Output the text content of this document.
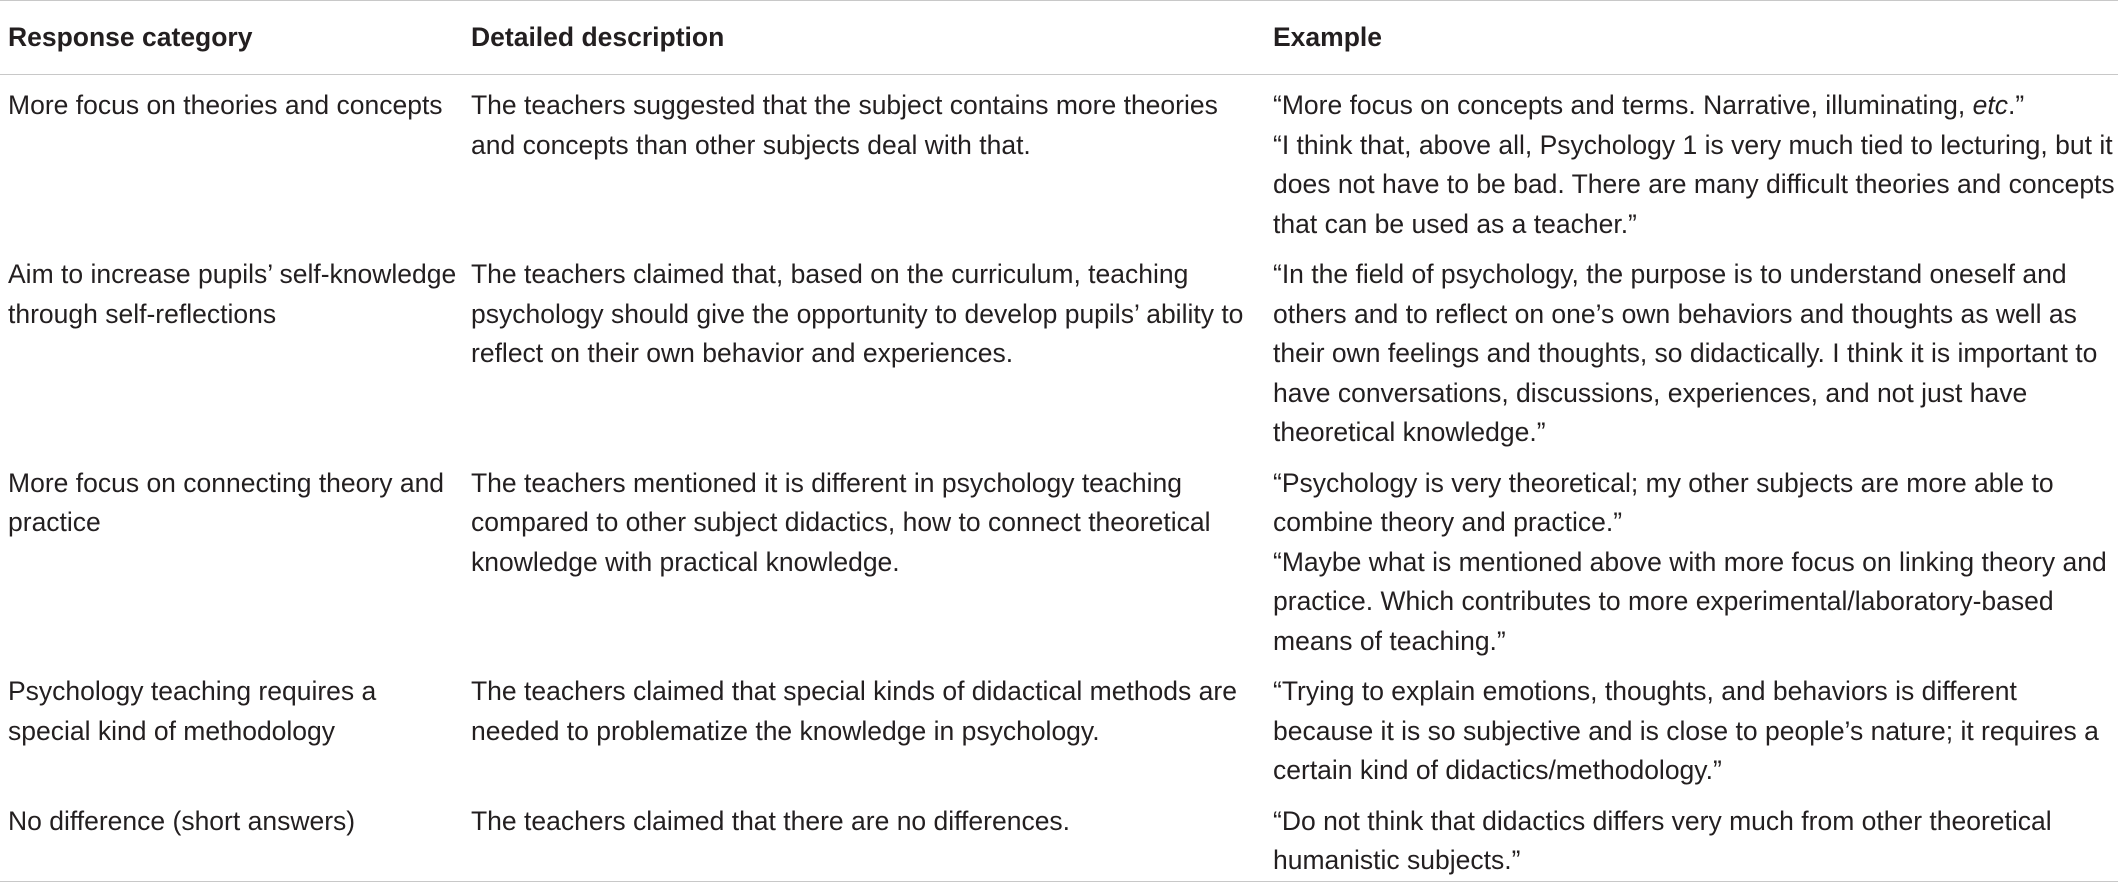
Response category	Detailed description	Example
More focus on theories and concepts	The teachers suggested that the subject contains more theories and concepts than other subjects deal with that.	“More focus on concepts and terms. Narrative, illuminating, etc.”
“I think that, above all, Psychology 1 is very much tied to lecturing, but it does not have to be bad. There are many difficult theories and concepts that can be used as a teacher.”

Aim to increase pupils’ self-knowledge through self-reflections	The teachers claimed that, based on the curriculum, teaching psychology should give the opportunity to develop pupils’ ability to reflect on their own behavior and experiences.	“In the field of psychology, the purpose is to understand oneself and others and to reflect on one’s own behaviors and thoughts as well as their own feelings and thoughts, so didactically. I think it is important to have conversations, discussions, experiences, and not just have theoretical knowledge.”

More focus on connecting theory and practice	The teachers mentioned it is different in psychology teaching compared to other subject didactics, how to connect theoretical knowledge with practical knowledge.	“Psychology is very theoretical; my other subjects are more able to combine theory and practice.”
“Maybe what is mentioned above with more focus on linking theory and practice. Which contributes to more experimental/laboratory-based means of teaching.”

Psychology teaching requires a special kind of methodology	The teachers claimed that special kinds of didactical methods are needed to problematize the knowledge in psychology.	“Trying to explain emotions, thoughts, and behaviors is different because it is so subjective and is close to people’s nature; it requires a certain kind of didactics/methodology.”

No difference (short answers)	The teachers claimed that there are no differences.	“Do not think that didactics differs very much from other theoretical humanistic subjects.”
